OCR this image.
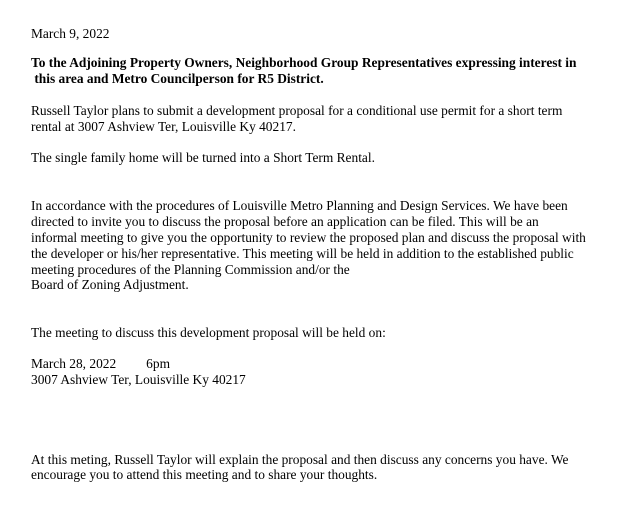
March 9, 2022
To the Adjoining Property Owners, Neighborhood Group Representatives expressing interest in
this area and Metro Councilperson for R5 District.
Russell Taylor plans to submit a development proposal for a conditional use permit for a short term
rental at 3007 Ashview Ter, Louisville Ky 40217.
The single family home will be turned into a Short Term Rental.
In accordance with the procedures of Louisville Metro Planning and Design Services. We have been
directed to invite you to discuss the proposal before an application can be filed. This will be an
informal meeting to give you the opportunity to review the proposed plan and discuss the proposal with
the developer or his/her representative. This meeting will be held in addition to the established public
meeting procedures of the Planning Commission and/or the
Board of Zoning Adjustment.
The meeting to discuss this development proposal will be held on:
March 28, 2022 6pm
3007 Ashview Ter, Louisville Ky 40217
At this meting, Russell Taylor will explain the proposal and then discuss any concerns you have. We
encourage you to attend this meeting and to share your thoughts.
